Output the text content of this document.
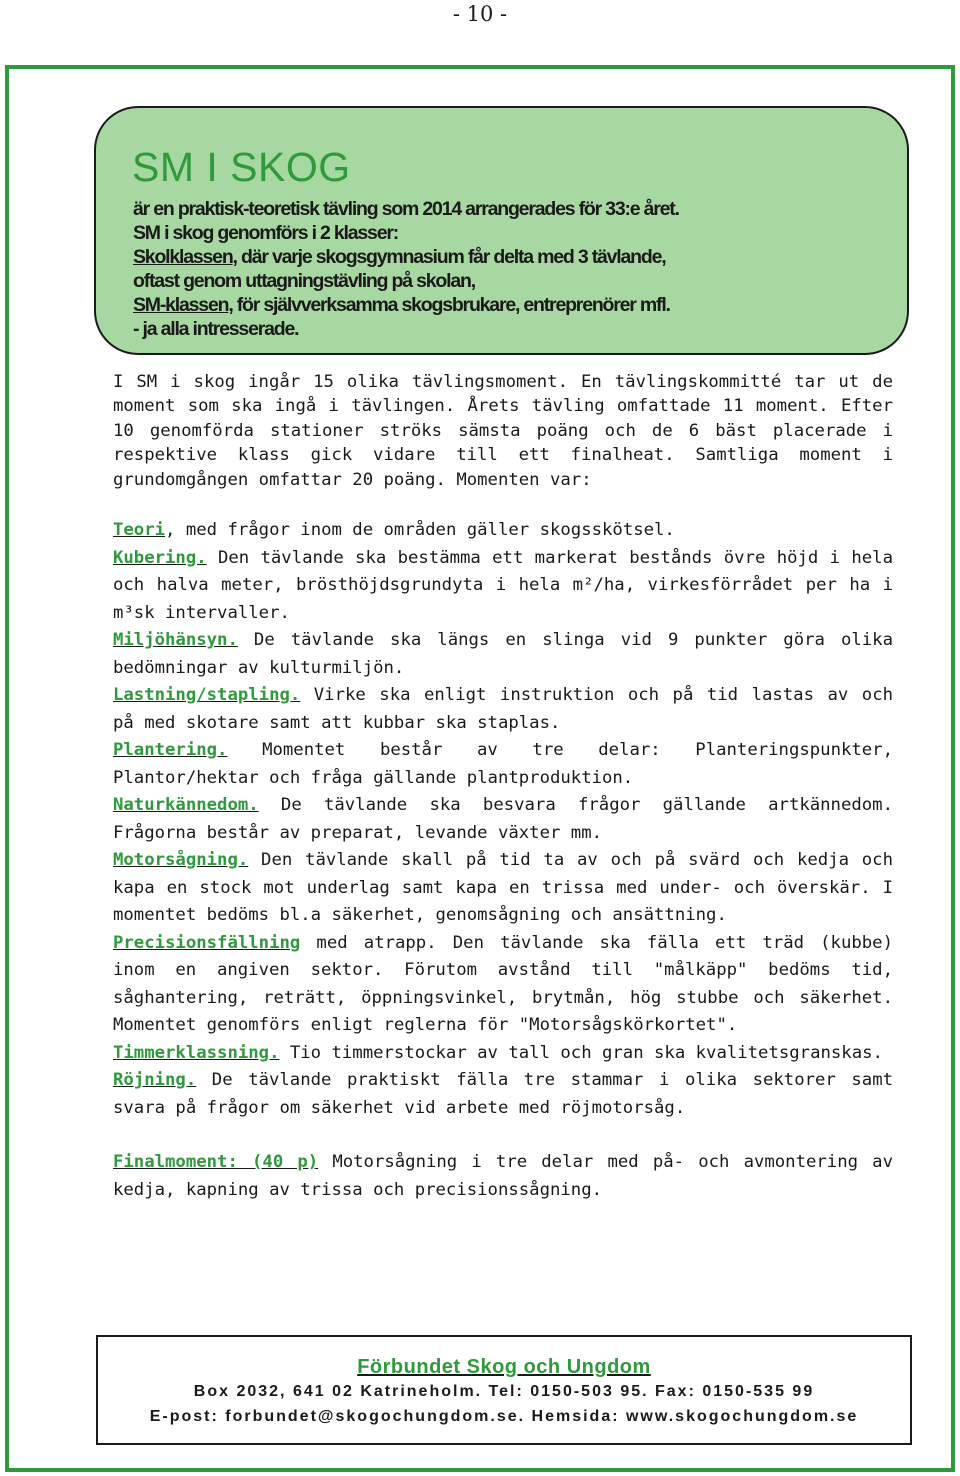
- 10 -
SM I SKOG
är en praktisk-teoretisk tävling som 2014 arrangerades för 33:e året.
SM i skog genomförs i 2 klasser:
Skolklassen, där varje skogsgymnasium får delta med 3 tävlande,
oftast genom uttagningstävling på skolan,
SM-klassen, för självverksamma skogsbrukare, entreprenörer mfl.
- ja alla intresserade.

I SM i skog ingår 15 olika tävlingsmoment. En tävlingskommitté tar ut de moment som ska ingå i tävlingen. Årets tävling omfattade 11 moment. Efter 10 genomförda stationer ströks sämsta poäng och de 6 bäst placerade i respektive klass gick vidare till ett finalheat. Samtliga moment i grundomgången omfattar 20 poäng. Momenten var:

Teori, med frågor inom de områden gäller skogsskötsel.
Kubering. Den tävlande ska bestämma ett markerat bestånds övre höjd i hela och halva meter, brösthöjdsgrundyta i hela m²/ha, virkesförrådet per ha i m³sk intervaller.
Miljöhänsyn. De tävlande ska längs en slinga vid 9 punkter göra olika bedömningar av kulturmiljön.
Lastning/stapling. Virke ska enligt instruktion och på tid lastas av och på med skotare samt att kubbar ska staplas.
Plantering. Momentet består av tre delar: Planteringspunkter, Plantor/hektar och fråga gällande plantproduktion.
Naturkännedom. De tävlande ska besvara frågor gällande artkännedom. Frågorna består av preparat, levande växter mm.
Motorsågning. Den tävlande skall på tid ta av och på svärd och kedja och kapa en stock mot underlag samt kapa en trissa med under- och överskär. I momentet bedöms bl.a säkerhet, genomsågning och ansättning.
Precisionsfällning med atrapp. Den tävlande ska fälla ett träd (kubbe) inom en angiven sektor. Förutom avstånd till "målkäpp" bedöms tid, såghantering, reträtt, öppningsvinkel, brytmån, hög stubbe och säkerhet. Momentet genomförs enligt reglerna för "Motorsågskörkortet".
Timmerklassning. Tio timmerstockar av tall och gran ska kvalitetsgranskas.
Röjning. De tävlande praktiskt fälla tre stammar i olika sektorer samt svara på frågor om säkerhet vid arbete med röjmotorsåg.
Finalmoment: (40 p) Motorsågning i tre delar med på- och avmontering av kedja, kapning av trissa och precisionssågning.
Förbundet Skog och Ungdom
Box 2032, 641 02 Katrineholm. Tel: 0150-503 95. Fax: 0150-535 99
E-post: forbundet@skogochungdom.se. Hemsida: www.skogochungdom.se
